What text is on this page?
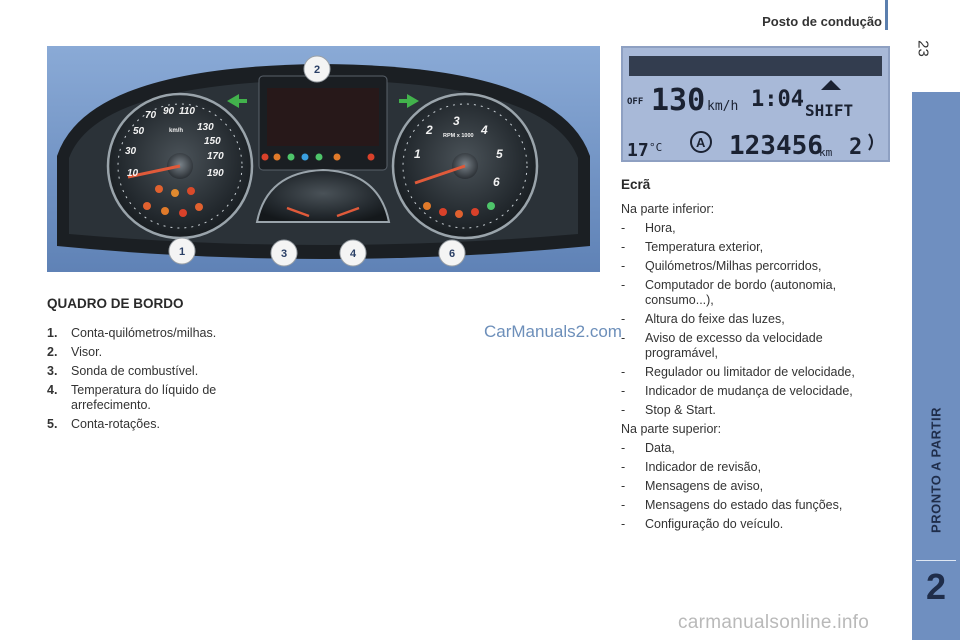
Posto de condução
23
PRONTO A PARTIR
2
10
30
50
70 90 110
130
150
170
190
km/h
1
2
3
4
5
6
RPM x 1000
1
2
3	4	6
OFF 130 km/h 1:04 SHIFT
17 °C	123456
km 2
A
QUADRO DE BORDO
1.	Conta-quilómetros/milhas.
2.	Visor.
3.	Sonda de combustível.
4.	Temperatura do líquido de arrefecimento.
5.	Conta-rotações.
CarManuals2.com
Ecrã
Na parte inferior:
-	Hora,
-	Temperatura exterior,
-	Quilómetros/Milhas percorridos,
-	Computador de bordo (autonomia, consumo...),
-	Altura do feixe das luzes,
-	Aviso de excesso da velocidade programável,
-	Regulador ou limitador de velocidade,
-	Indicador de mudança de velocidade,
-	Stop & Start.
Na parte superior:
-	Data,
-	Indicador de revisão,
-	Mensagens de aviso,
-	Mensagens do estado das funções,
-	Configuração do veículo.
carmanualsonline.info
